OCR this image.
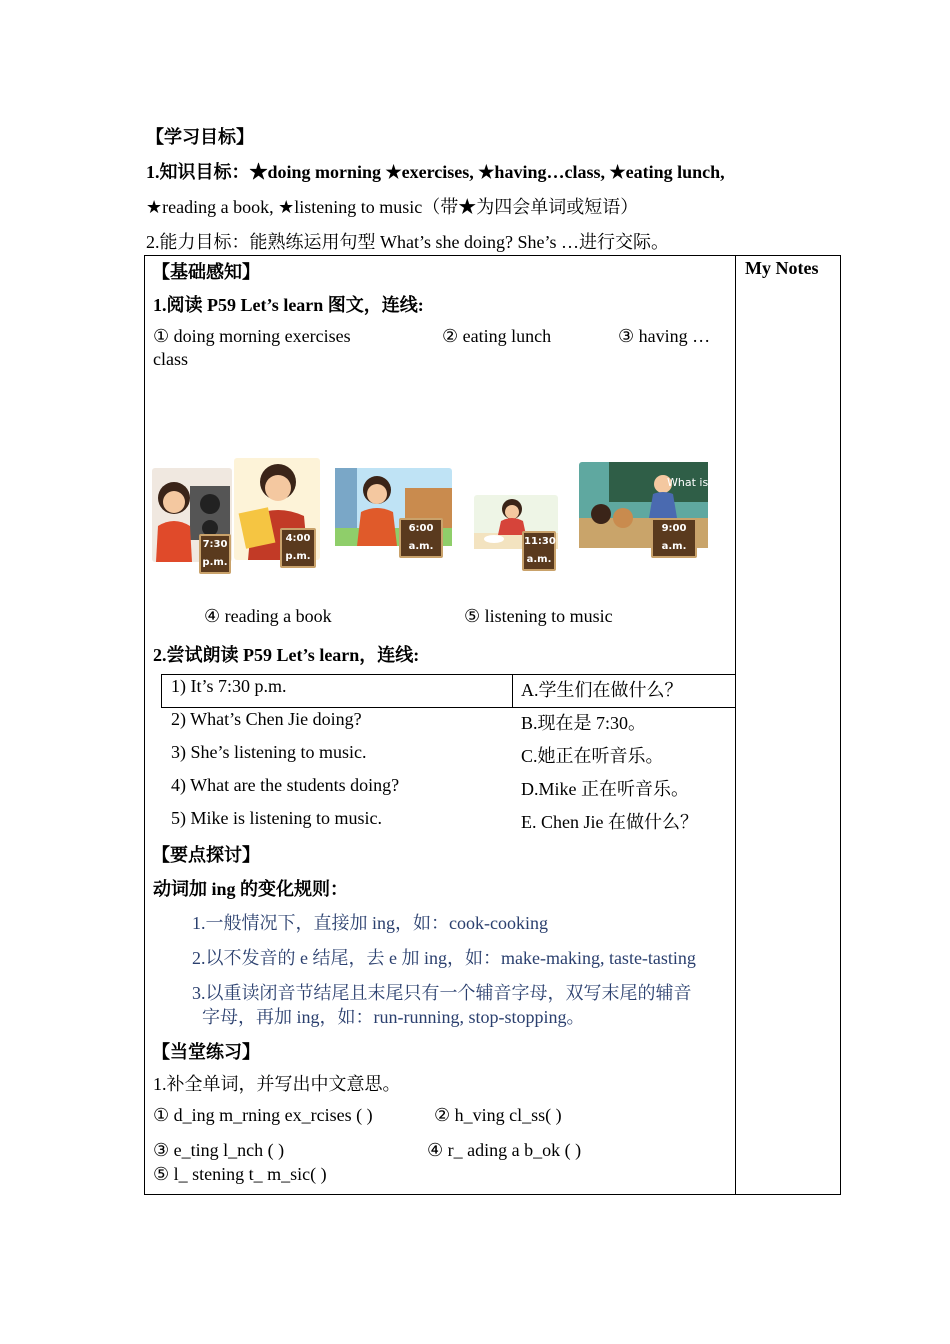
【学习目标】
1.知识目标：★doing morning ★exercises, ★having…class, ★eating lunch,
★reading a book, ★listening to music（带★为四会单词或短语）
2.能力目标：能熟练运用句型 What’s she doing? She’s …进行交际。
My Notes
【基础感知】
1.阅读 P59 Let’s learn 图文，连线:
① doing morning exercises	② eating lunch	③ having …
class
7:30 p.m.
4:00 p.m.
6:00 a.m.	11:30 a.m.
What is
9:00 a.m.
④ reading a book	⑤ listening to music
2.尝试朗读 P59 Let’s learn，连线:
1) It’s 7:30 p.m.	A.学生们在做什么？
2) What’s Chen Jie doing?	B.现在是 7:30。
3) She’s listening to music.	C.她正在听音乐。
4) What are the students doing?	D.Mike 正在听音乐。
5) Mike is listening to music.	E. Chen Jie 在做什么？
【要点探讨】
动词加 ing 的变化规则：
1.一般情况下，直接加 ing，如：cook-cooking
2.以不发音的 e 结尾，去 e 加 ing，如：make-making, taste-tasting
3.以重读闭音节结尾且末尾只有一个辅音字母，双写末尾的辅音
字母，再加 ing，如：run-running, stop-stopping。
【当堂练习】
1.补全单词，并写出中文意思。
① d_ing m_rning ex_rcises ( )	② h_ving cl_ss( )
③ e_ting l_nch ( )	④ r_ ading a b_ok ( )
⑤ l_ stening t_ m_sic( )
